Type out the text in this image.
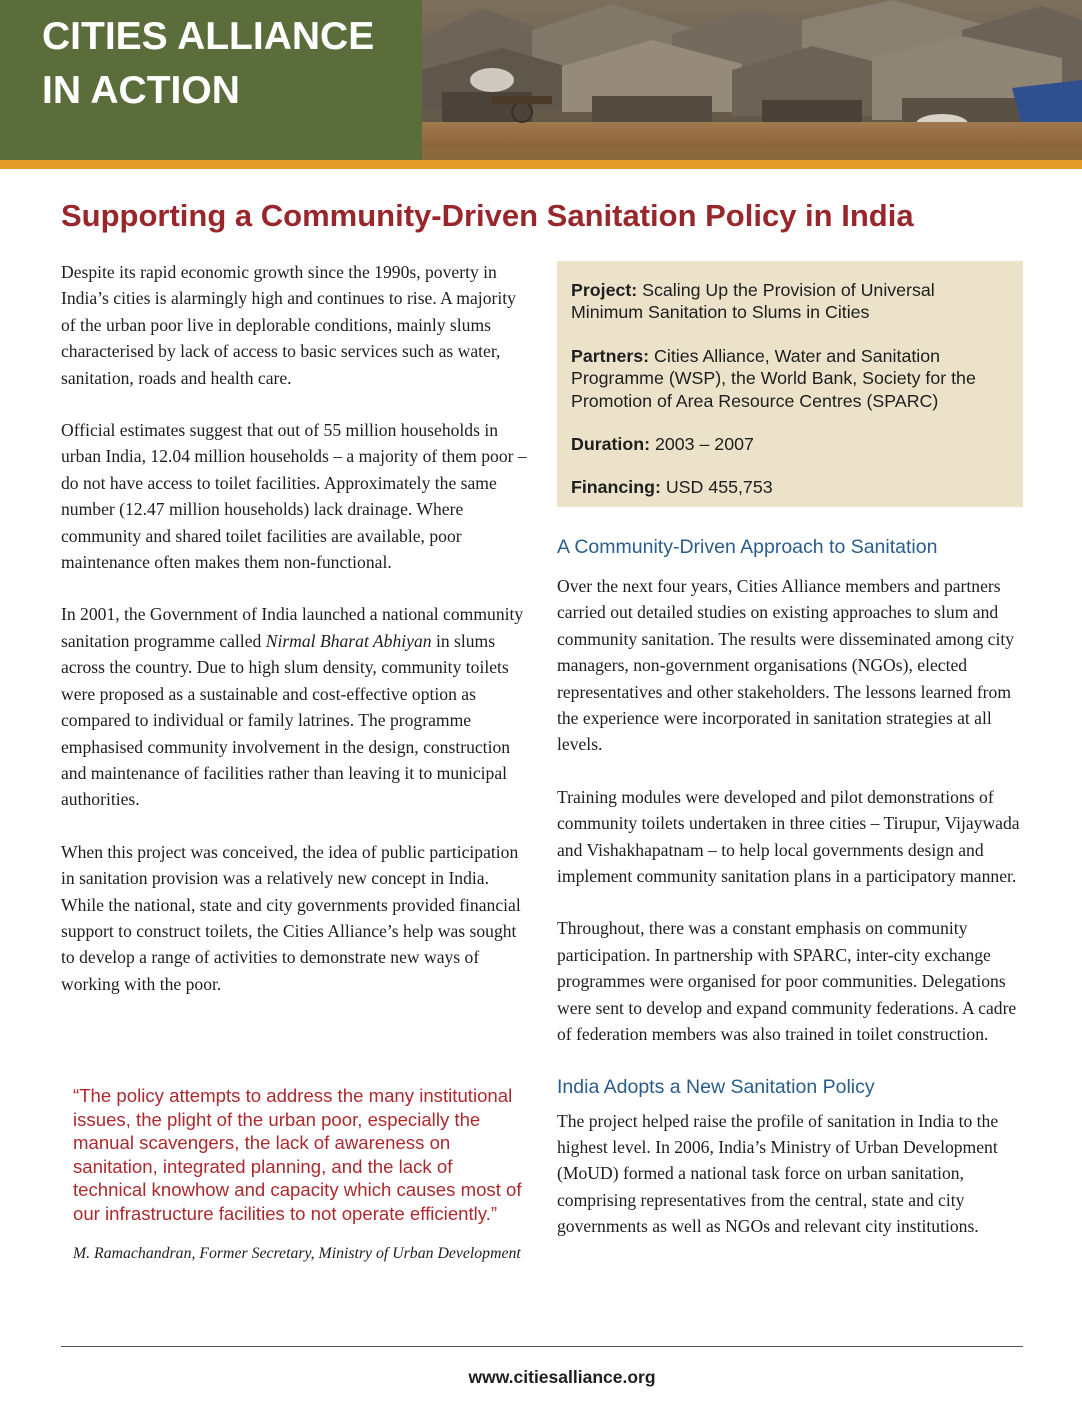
CITIES ALLIANCE
IN ACTION
Supporting a Community-Driven Sanitation Policy in India

Despite its rapid economic growth since the 1990s, poverty in India’s cities is alarmingly high and continues to rise. A majority of the urban poor live in deplorable conditions, mainly slums characterised by lack of access to basic services such as water, sanitation, roads and health care.

Official estimates suggest that out of 55 million households in urban India, 12.04 million households – a majority of them poor – do not have access to toilet facilities. Approximately the same number (12.47 million households) lack drainage. Where community and shared toilet facilities are available, poor maintenance often makes them non-functional.

In 2001, the Government of India launched a national community sanitation programme called Nirmal Bharat Abhiyan in slums across the country. Due to high slum density, community toilets were proposed as a sustainable and cost-effective option as compared to individual or family latrines. The programme emphasised community involvement in the design, construction and maintenance of facilities rather than leaving it to municipal authorities.

When this project was conceived, the idea of public participation in sanitation provision was a relatively new concept in India. While the national, state and city governments provided financial support to construct toilets, the Cities Alliance’s help was sought to develop a range of activities to demonstrate new ways of working with the poor.

Project: Scaling Up the Provision of Universal Minimum Sanitation to Slums in Cities

Partners: Cities Alliance, Water and Sanitation Programme (WSP), the World Bank, Society for the Promotion of Area Resource Centres (SPARC)

Duration: 2003 – 2007

Financing: USD 455,753

A Community-Driven Approach to Sanitation

Over the next four years, Cities Alliance members and partners carried out detailed studies on existing approaches to slum and community sanitation. The results were disseminated among city managers, non-government organisations (NGOs), elected representatives and other stakeholders. The lessons learned from the experience were incorporated in sanitation strategies at all levels.

Training modules were developed and pilot demonstrations of community toilets undertaken in three cities – Tirupur, Vijaywada and Vishakhapatnam – to help local governments design and implement community sanitation plans in a participatory manner.

Throughout, there was a constant emphasis on community participation. In partnership with SPARC, inter-city exchange programmes were organised for poor communities. Delegations were sent to develop and expand community federations. A cadre of federation members was also trained in toilet construction.

India Adopts a New Sanitation Policy

The project helped raise the profile of sanitation in India to the highest level. In 2006, India’s Ministry of Urban Development (MoUD) formed a national task force on urban sanitation, comprising representatives from the central, state and city governments as well as NGOs and relevant city institutions.

“The policy attempts to address the many institutional issues, the plight of the urban poor, especially the manual scavengers, the lack of awareness on sanitation, integrated planning, and the lack of technical knowhow and capacity which causes most of our infrastructure facilities to not operate efficiently.”

M. Ramachandran, Former Secretary, Ministry of Urban Development

www.citiesalliance.org
